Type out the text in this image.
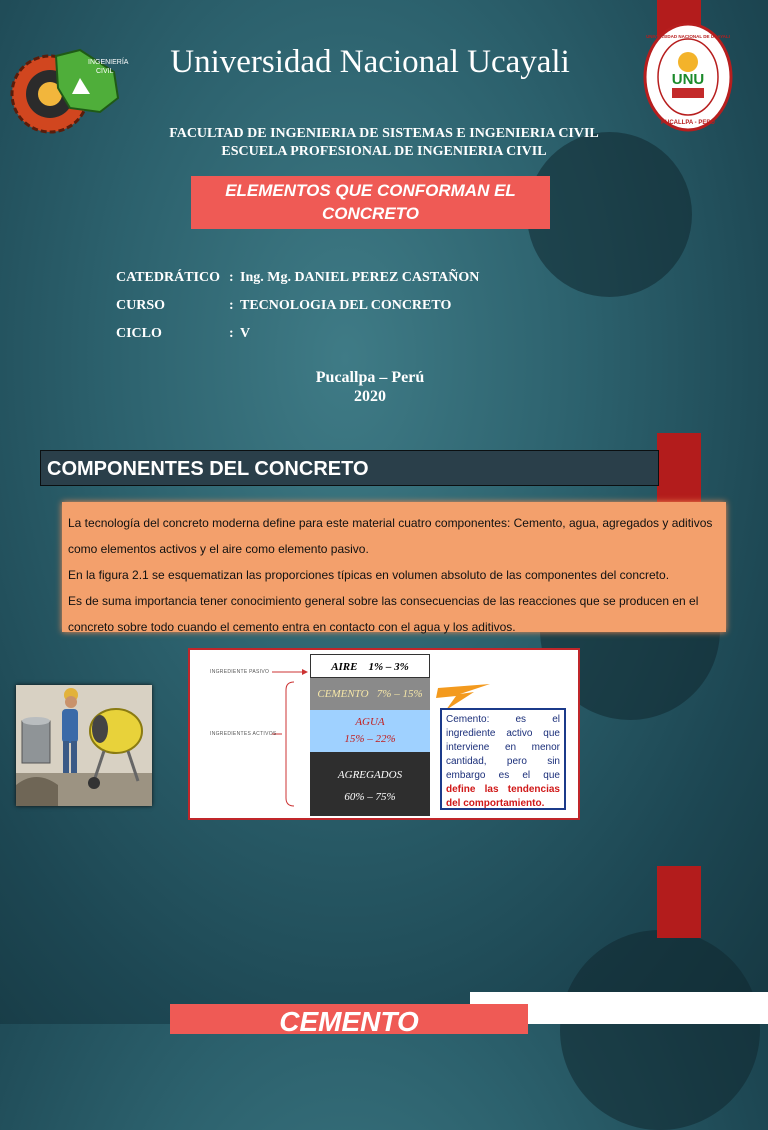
INGENIERÍA
CIVIL	UNU
UNIVERSIDAD NACIONAL DE UCAYALI
PUCALLPA - PERÚ
Universidad Nacional Ucayali
FACULTAD DE INGENIERIA DE SISTEMAS E INGENIERIA CIVIL
ESCUELA PROFESIONAL DE INGENIERIA CIVIL
ELEMENTOS QUE CONFORMAN EL
CONCRETO
CATEDRÁTICO : Ing. Mg. DANIEL PEREZ CASTAÑON
CURSO	: TECNOLOGIA DEL CONCRETO
CICLO	: V
Pucallpa – Perú
2020
COMPONENTES DEL CONCRETO

La tecnología del concreto moderna define para este material cuatro componentes: Cemento, agua, agregados y aditivos como elementos activos y el aire como elemento pasivo.

En la figura 2.1 se esquematizan las proporciones típicas en volumen absoluto de las componentes del concreto.

Es de suma importancia tener conocimiento general sobre las consecuencias de las reacciones que se producen en el concreto sobre todo cuando el cemento entra en contacto con el agua y los aditivos.

INGREDIENTE PASIVO
INGREDIENTES ACTIVOS
AIRE 1% – 3%
CEMENTO 7% – 15%
AGUA
15% – 22%
AGREGADOS
60% – 75%
Cemento: es el ingrediente activo que interviene en menor cantidad, pero sin embargo es el que define las tendencias del comportamiento.
CEMENTO
